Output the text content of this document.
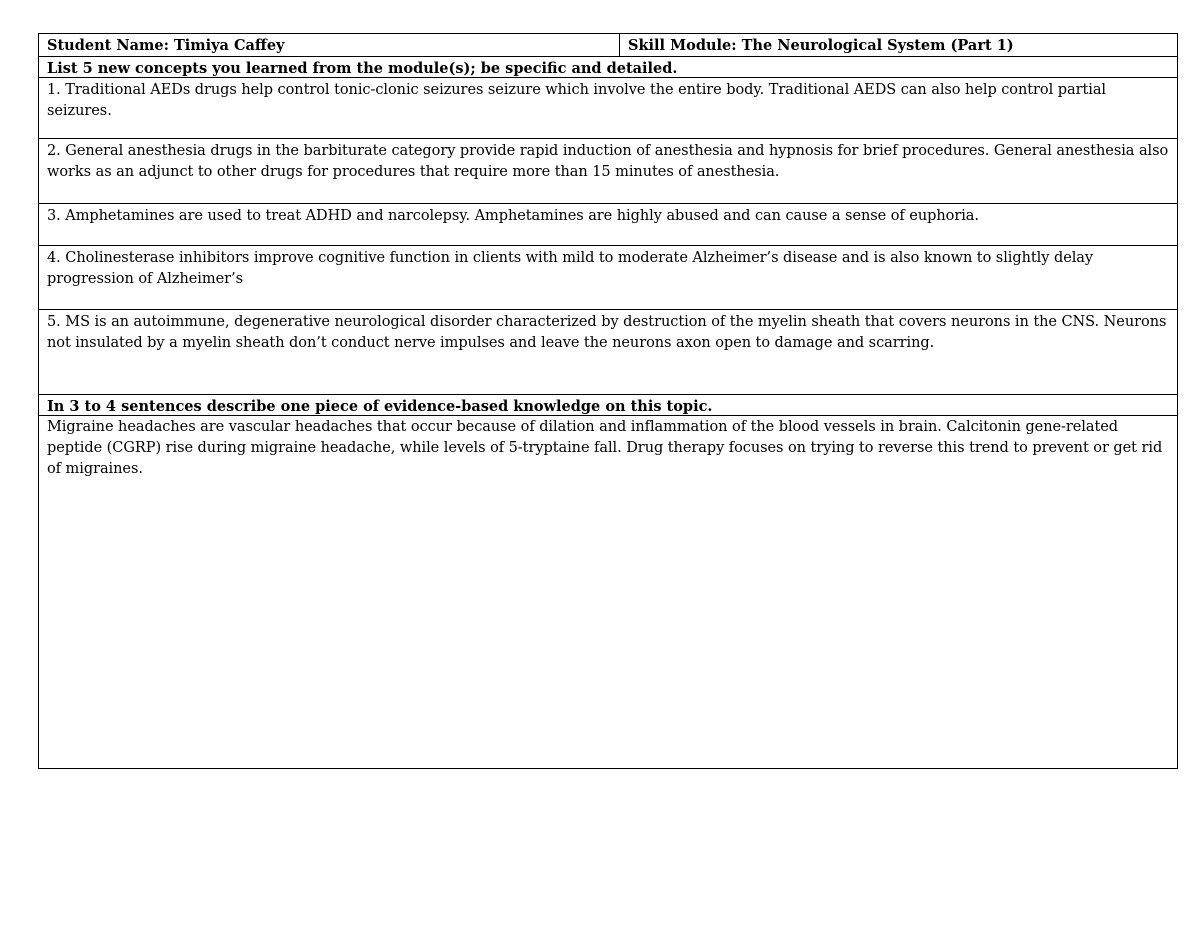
Student Name: Timiya Caffey	Skill Module: The Neurological System (Part 1)
List 5 new concepts you learned from the module(s); be specific and detailed.
1. Traditional AEDs drugs help control tonic-clonic seizures seizure which involve the entire body. Traditional AEDS can also help control partial seizures.
2. General anesthesia drugs in the barbiturate category provide rapid induction of anesthesia and hypnosis for brief procedures. General anesthesia also works as an adjunct to other drugs for procedures that require more than 15 minutes of anesthesia.
3. Amphetamines are used to treat ADHD and narcolepsy. Amphetamines are highly abused and can cause a sense of euphoria.
4. Cholinesterase inhibitors improve cognitive function in clients with mild to moderate Alzheimer’s disease and is also known to slightly delay progression of Alzheimer’s
5. MS is an autoimmune, degenerative neurological disorder characterized by destruction of the myelin sheath that covers neurons in the CNS. Neurons not insulated by a myelin sheath don’t conduct nerve impulses and leave the neurons axon open to damage and scarring.
In 3 to 4 sentences describe one piece of evidence-based knowledge on this topic.
Migraine headaches are vascular headaches that occur because of dilation and inflammation of the blood vessels in brain. Calcitonin gene-related peptide (CGRP) rise during migraine headache, while levels of 5-tryptaine fall. Drug therapy focuses on trying to reverse this trend to prevent or get rid of migraines.
